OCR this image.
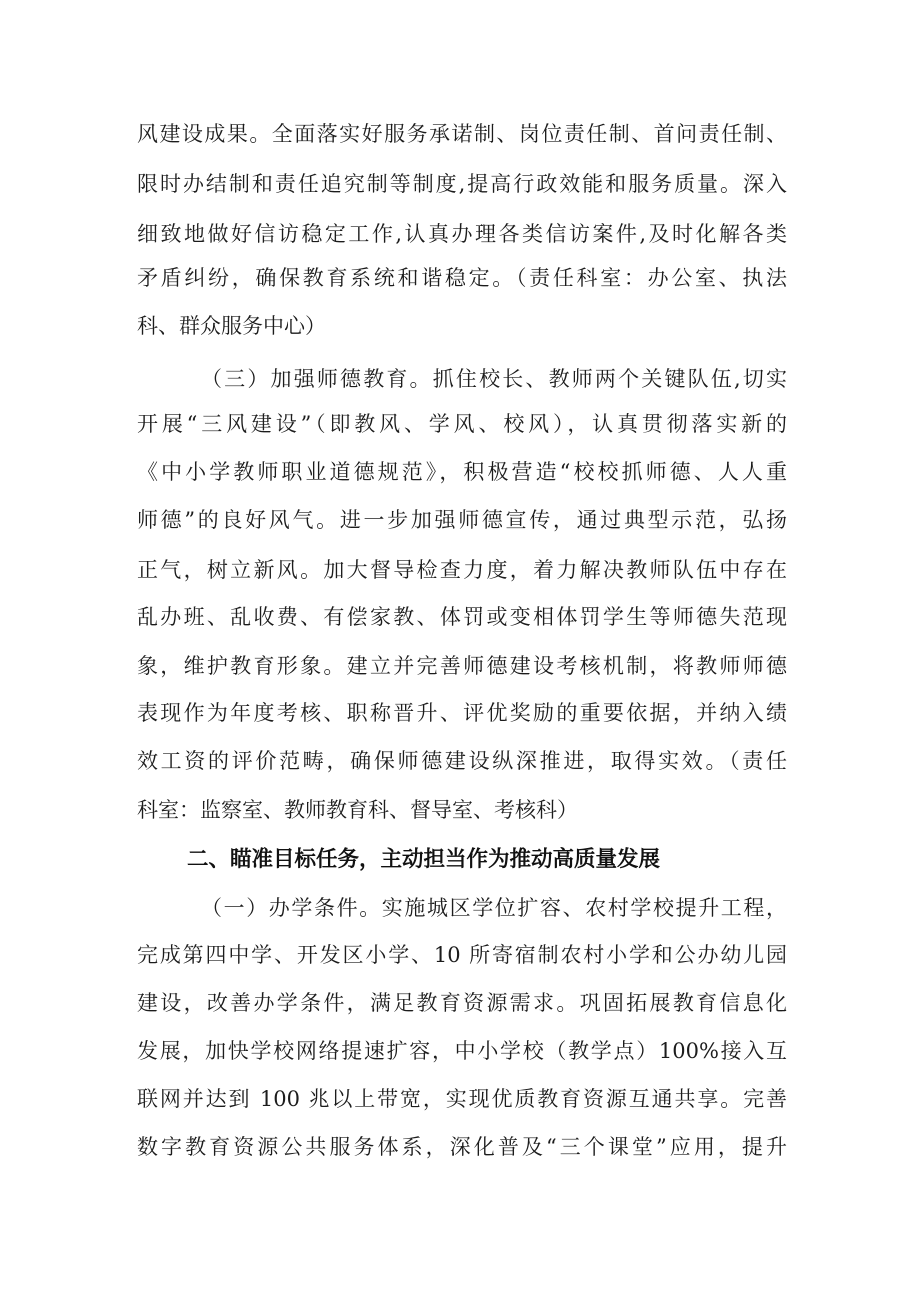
风建设成果。全面落实好服务承诺制、岗位责任制、首问责任制、
限时办结制和责任追究制等制度,提高行政效能和服务质量。深入
细致地做好信访稳定工作,认真办理各类信访案件,及时化解各类
矛盾纠纷，确保教育系统和谐稳定。（责任科室：办公室、执法
科、群众服务中心）
（三）加强师德教育。抓住校长、教师两个关键队伍,切实
开展“三风建设”（即教风、学风、校风），认真贯彻落实新的
《中小学教师职业道德规范》，积极营造“校校抓师德、人人重
师德”的良好风气。进一步加强师德宣传，通过典型示范，弘扬
正气，树立新风。加大督导检查力度，着力解决教师队伍中存在
乱办班、乱收费、有偿家教、体罚或变相体罚学生等师德失范现
象，维护教育形象。建立并完善师德建设考核机制，将教师师德
表现作为年度考核、职称晋升、评优奖励的重要依据，并纳入绩
效工资的评价范畴，确保师德建设纵深推进，取得实效。（责任
科室：监察室、教师教育科、督导室、考核科）
二、瞄准目标任务，主动担当作为推动高质量发展
（一）办学条件。实施城区学位扩容、农村学校提升工程，
完成第四中学、开发区小学、10 所寄宿制农村小学和公办幼儿园
建设，改善办学条件，满足教育资源需求。巩固拓展教育信息化
发展，加快学校网络提速扩容，中小学校（教学点）100%接入互
联网并达到 100 兆以上带宽，实现优质教育资源互通共享。完善
数字教育资源公共服务体系，深化普及“三个课堂”应用，提升
